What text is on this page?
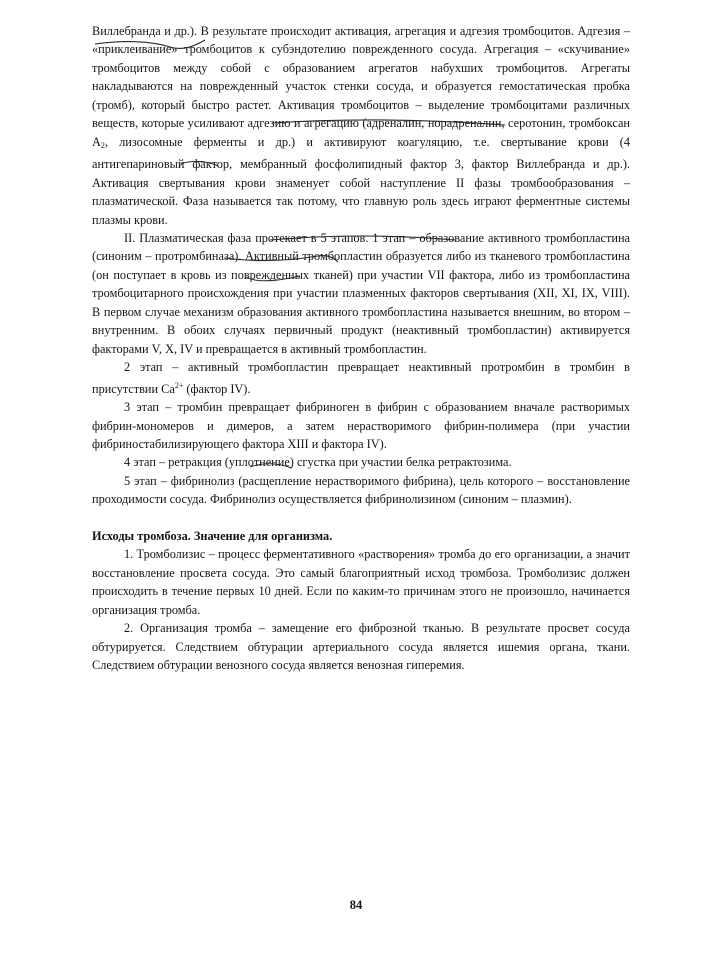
Виллебранда и др.). В результате происходит активация, агрегация и адгезия тромбоцитов. Адгезия – «приклеивание» тромбоцитов к субэндотелию поврежденного сосуда. Агрегация – «скучивание» тромбоцитов между собой с образованием агрегатов набухших тромбоцитов. Агрегаты накладываются на поврежденный участок стенки сосуда, и образуется гемостатическая пробка (тромб), который быстро растет. Активация тромбоцитов – выделение тромбоцитами различных веществ, которые усиливают адгезию и агрегацию (адреналин, норадреналин, серотонин, тромбоксан $А_2$, лизосомные ферменты и др.) и активируют коагуляцию, т.е. свертывание крови (4 антигепариновый фактор, мембранный фосфолипидный фактор 3, фактор Виллебранда и др.). Активация свертывания крови знаменует собой наступление II фазы тромбообразования – плазматической. Фаза называется так потому, что главную роль здесь играют ферментные системы плазмы крови.

II. Плазматическая фаза протекает в 5 этапов. 1 этап – образование активного тромбопластина (синоним – протромбиназа). Активный тромбопластин образуется либо из тканевого тромбопластина (он поступает в кровь из поврежденных тканей) при участии VII фактора, либо из тромбопластина тромбоцитарного происхождения при участии плазменных факторов свертывания (XII, XI, IX, VIII). В первом случае механизм образования активного тромбопластина называется внешним, во втором – внутренним. В обоих случаях первичный продукт (неактивный тромбопластин) активируется факторами V, X, IV и превращается в активный тромбопластин.

2 этап – активный тромбопластин превращает неактивный протромбин в тромбин в присутствии $Ca^{2+}$ (фактор IV).

3 этап – тромбин превращает фибриноген в фибрин с образованием вначале растворимых фибрин-мономеров и димеров, а затем нерастворимого фибрин-полимера (при участии фибриностабилизирующего фактора XIII и фактора IV).

4 этап – ретракция (уплотнение) сгустка при участии белка ретрактозима.

5 этап – фибринолиз (расщепление нерастворимого фибрина), цель которого – восстановление проходимости сосуда. Фибринолиз осуществляется фибринолизином (синоним – плазмин).

Исходы тромбоза. Значение для организма.

1. Тромболизис – процесс ферментативного «растворения» тромба до его организации, а значит восстановление просвета сосуда. Это самый благоприятный исход тромбоза. Тромболизис должен происходить в течение первых 10 дней. Если по каким-то причинам этого не произошло, начинается организация тромба.

2. Организация тромба – замещение его фиброзной тканью. В результате просвет сосуда обтурируется. Следствием обтурации артериального сосуда является ишемия органа, ткани. Следствием обтурации венозного сосуда является венозная гиперемия.

84
